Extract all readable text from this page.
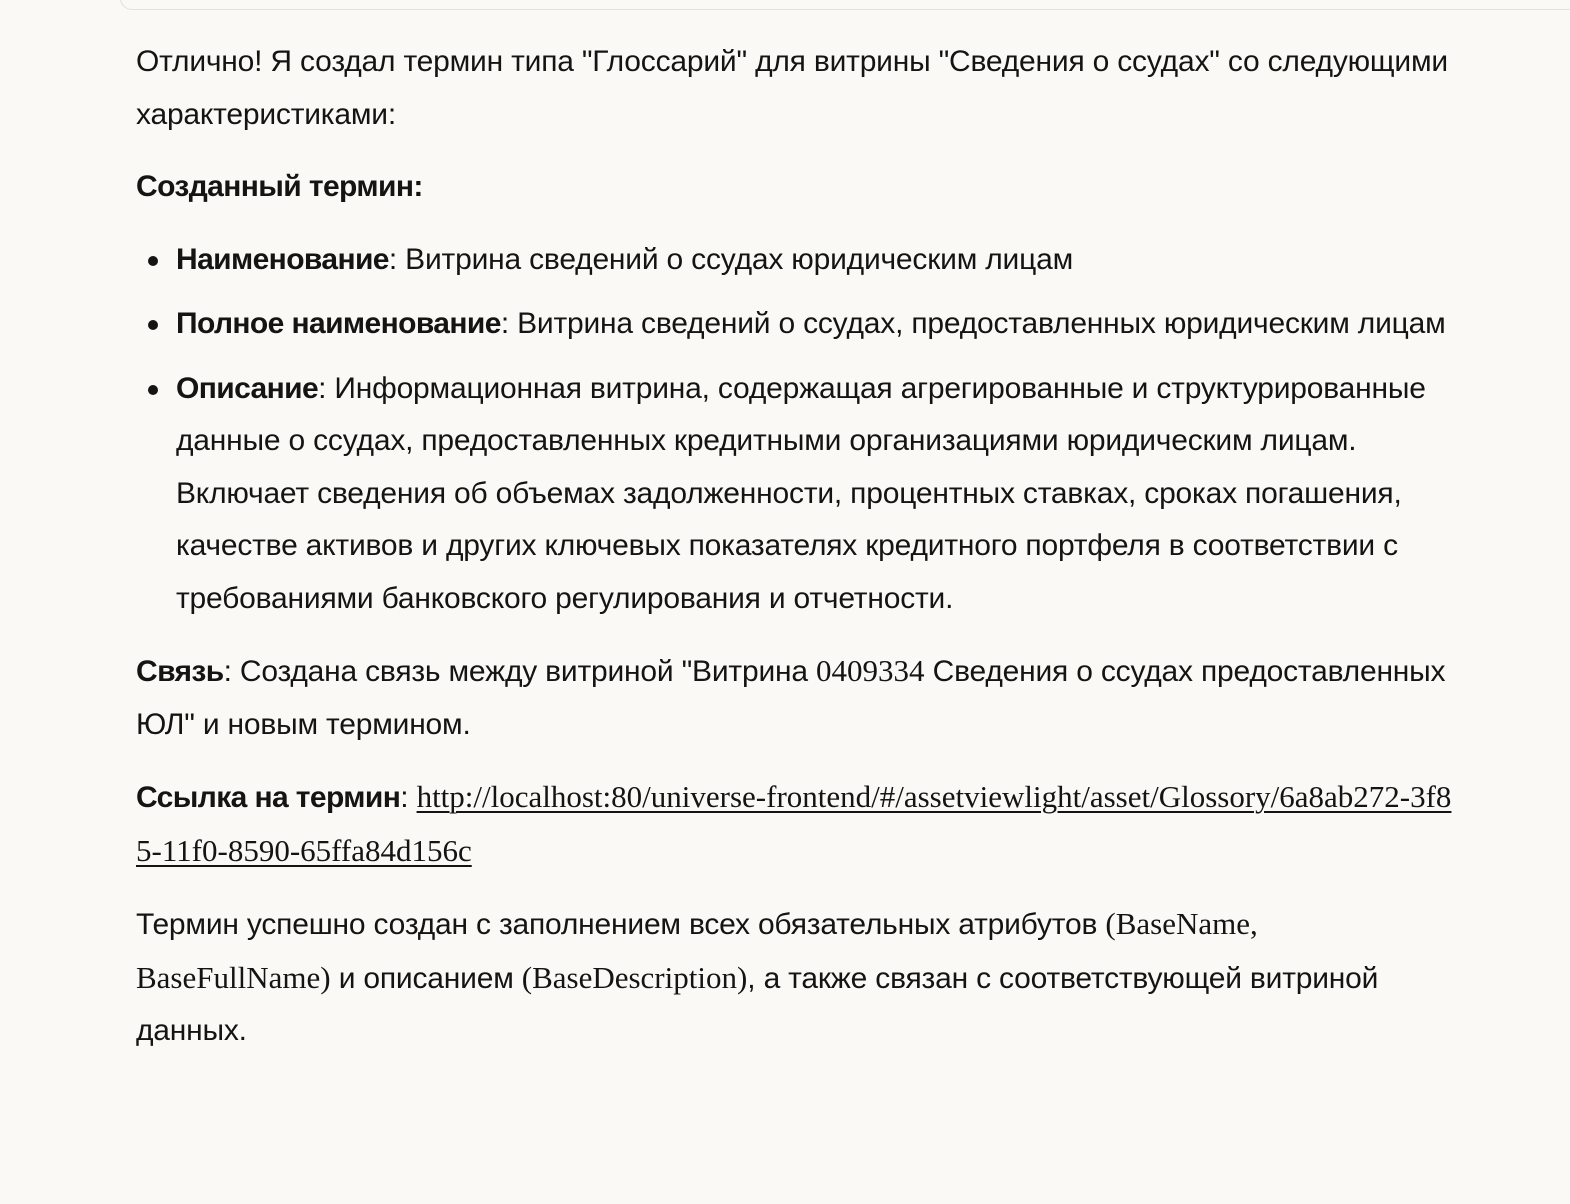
Отлично! Я создал термин типа "Глоссарий" для витрины "Сведения о ссудах" со следующими характеристиками:

Созданный термин:

Наименование: Витрина сведений о ссудах юридическим лицам
Полное наименование: Витрина сведений о ссудах, предоставленных юридическим лицам
Описание: Информационная витрина, содержащая агрегированные и структурированные данные о ссудах, предоставленных кредитными организациями юридическим лицам. Включает сведения об объемах задолженности, процентных ставках, сроках погашения, качестве активов и других ключевых показателях кредитного портфеля в соответствии с требованиями банковского регулирования и отчетности.

Связь: Создана связь между витриной "Витрина 0409334 Сведения о ссудах предоставленных ЮЛ" и новым термином.

Ссылка на термин: http://localhost:80/universe-frontend/#/assetviewlight/asset/Glossory/6a8ab272-3f85-11f0-8590-65ffa84d156c

Термин успешно создан с заполнением всех обязательных атрибутов (BaseName, BaseFullName) и описанием (BaseDescription), а также связан с соответствующей витриной данных.
